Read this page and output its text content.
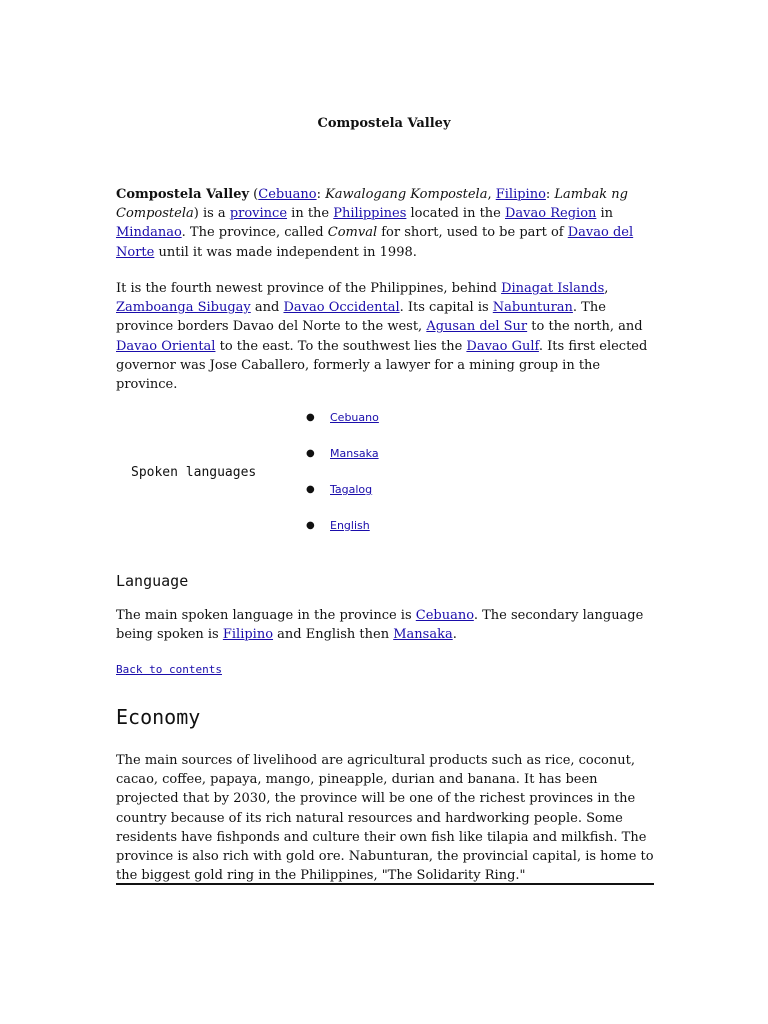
Compostela Valley

Compostela Valley (Cebuano: Kawalogang Kompostela, Filipino: Lambak ng Compostela) is a province in the Philippines located in the Davao Region in Mindanao. The province, called Comval for short, used to be part of Davao del Norte until it was made independent in 1998.

It is the fourth newest province of the Philippines, behind Dinagat Islands, Zamboanga Sibugay and Davao Occidental. Its capital is Nabunturan. The province borders Davao del Norte to the west, Agusan del Sur to the north, and Davao Oriental to the east. To the southwest lies the Davao Gulf. Its first elected governor was Jose Caballero, formerly a lawyer for a mining group in the province.

Spoken languages
● Cebuano
● Mansaka
● Tagalog
● English
Language

The main spoken language in the province is Cebuano. The secondary language being spoken is Filipino and English then Mansaka.

Back to contents
Economy

The main sources of livelihood are agricultural products such as rice, coconut, cacao, coffee, papaya, mango, pineapple, durian and banana. It has been projected that by 2030, the province will be one of the richest provinces in the country because of its rich natural resources and hardworking people. Some residents have fishponds and culture their own fish like tilapia and milkfish. The province is also rich with gold ore. Nabunturan, the provincial capital, is home to the biggest gold ring in the Philippines, "The Solidarity Ring."
